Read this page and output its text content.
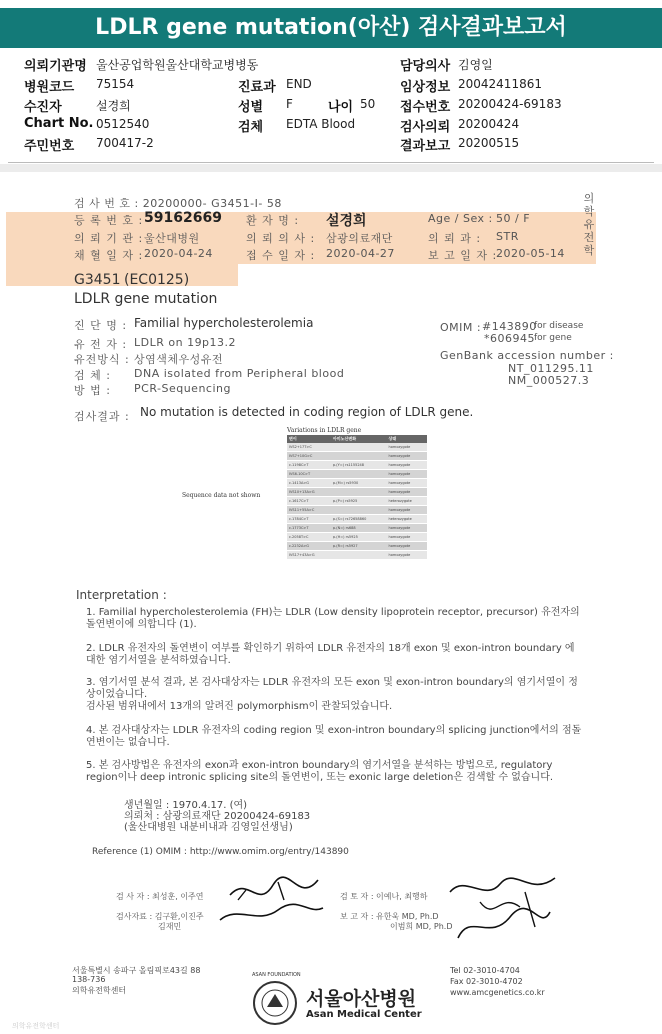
LDLR gene mutation(아산) 검사결과보고서
의뢰기관명 울산공업학원울산대학교병병동	담당의사 김영일
병원코드 75154	진료과 END	임상정보 20042411861
수진자	설경희	성별 F	나이 50 접수번호 20200424-69183
Chart No. 0512540	검체 EDTA Blood	검사의뢰 20200424
주민번호 700417-2	결과보고 20200515
검 사 번 호 : 20200000- G3451-I- 58
등 록 번 호 : 59162669 환 자 명 : 설경희	Age / Sex : 50 / F
의 뢰 기 관 : 울산대병원	의 뢰 의 사 : 삼광의료재단	의 뢰 과 : STR
채 혈 일 자 : 2020-04-24	접 수 일 자 : 2020-04-27	보 고 일 자 :
2020-05-14
의학유전학
G3451 (EC0125)
LDLR gene mutation
진 단 명 : Familial hypercholesterolemia
유 전 자 : LDLR on 19p13.2
유전방식 : 상염색체우성유전
검 체 : DNA isolated from Peripheral blood
방 법 : PCR-Sequencing
OMIM : #143890
for disease
*606945 for gene
GenBank accession number :
NT_011295.11
NM_000527.3
검사결과 : No mutation is detected in coding region of LDLR gene.
Sequence data not shown
Variations in LDLR gene
변이	아미노산변화	상태
IVS2+17T>C		homozygote
IVS7+10G>C		homozygote
c.1198C>T	p.(Y=) rs1155248	homozygote
IVS6-10C>T		homozygote
c.1413A>G	p.(M=) rs5930	homozygote
IVS10+13A>G		homozygote
c.1617C>T	p.(P=) rs5925	heterozygote
IVS11+55A>C		homozygote
c.1784C>T	p.(S=) rs72658860	heterozygote
c.1773C>T	p.(N=) rs688	homozygote
c.2058T>C	p.(H=) rs5925	homozygote
c.2232A>G	p.(R=) rs5927	homozygote
IVS17+43A>G		homozygote
Interpretation :
1. Familial hypercholesterolemia (FH)는 LDLR (Low density lipoprotein receptor, precursor) 유전자의 돌연변이에 의합니다 (1).
2. LDLR 유전자의 돌연변이 여부를 확인하기 위하여 LDLR 유전자의 18개 exon 및 exon-intron boundary 에 대한 염기서열을 분석하였습니다.
3. 염기서열 분석 결과, 본 검사대상자는 LDLR 유전자의 모든 exon 및 exon-intron boundary의 염기서열이 정상이었습니다.
검사된 범위내에서 13개의 알려진 polymorphism이 관찰되었습니다.
4. 본 검사대상자는 LDLR 유전자의 coding region 및 exon-intron boundary의 splicing junction에서의 점돌연변이는 없습니다.
5. 본 검사방법은 유전자의 exon과 exon-intron boundary의 염기서열을 분석하는 방법으로, regulatory region이나 deep intronic splicing site의 돌연변이, 또는 exonic large deletion은 검색할 수 없습니다.
생년월일 : 1970.4.17. (여)
의뢰처 : 삼광의료재단 20200424-69183
(울산대병원 내분비내과 김영일선생님)
Reference (1) OMIM : http://www.omim.org/entry/143890
검 사 자 : 최성훈, 이주연
검사자료 : 김구환,이진주
김재민
검 토 자 : 이예나, 최행하
보 고 자 : 유한욱 MD, Ph.D
이범희 MD, Ph.D
서울특별시 송파구 올림픽로43길 88
138-736
의학유전학센터
ASAN FOUNDATION
서울아산병원
Asan Medical Center
Tel 02-3010-4704
Fax 02-3010-4702
www.amcgenetics.co.kr
의학유전학센터
